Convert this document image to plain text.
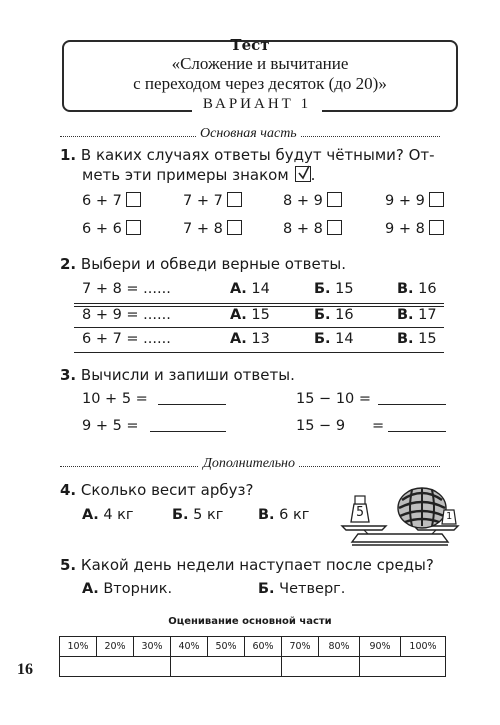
Тест
«Сложение и вычитание
с переходом через десяток (до 20)»
ВАРИАНТ 1
Основная часть
1. В каких случаях ответы будут чётными? От-
меть эти примеры знаком .
6 + 7	7 + 7	8 + 9	9 + 9
6 + 6	7 + 8	8 + 8	9 + 8
2. Выбери и обведи верные ответы.
7 + 8 = ......	А. 14	Б. 15	В. 16
8 + 9 = ......	А. 15	Б. 16	В. 17
6 + 7 = ......	А. 13	Б. 14	В. 15
3. Вычисли и запиши ответы.
10 + 5 =	15 − 10 =
9 + 5 =	15 − 9 =
Дополнительно
4. Сколько весит арбуз?
А. 4 кг	Б. 5 кг В. 6 кг	5	1
5. Какой день недели наступает после среды?
А. Вторник.	Б. Четверг.
Оценивание основной части
10%	20%	30%	40%	50%	60%	70%	80%	90%	100%

16
